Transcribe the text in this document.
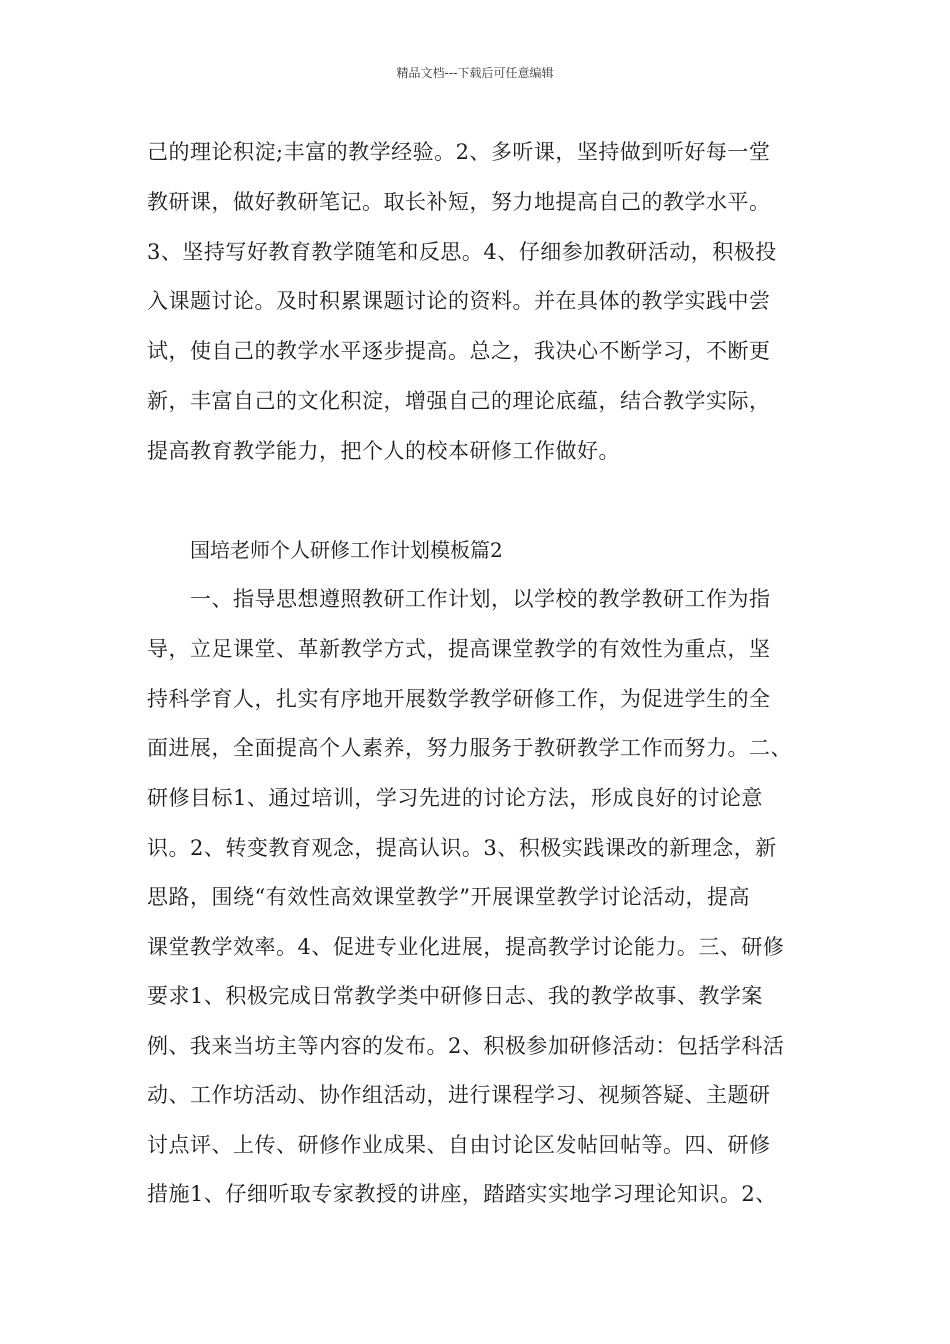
精品文档---下载后可任意编辑
己的理论积淀;丰富的教学经验。2、多听课，坚持做到听好每一堂
教研课，做好教研笔记。取长补短，努力地提高自己的教学水平。
3、坚持写好教育教学随笔和反思。4、仔细参加教研活动，积极投
入课题讨论。及时积累课题讨论的资料。并在具体的教学实践中尝
试，使自己的教学水平逐步提高。总之，我决心不断学习，不断更
新，丰富自己的文化积淀，增强自己的理论底蕴，结合教学实际，
提高教育教学能力，把个人的校本研修工作做好。
国培老师个人研修工作计划模板篇2
一、指导思想遵照教研工作计划，以学校的教学教研工作为指
导，立足课堂、革新教学方式，提高课堂教学的有效性为重点，坚
持科学育人，扎实有序地开展数学教学研修工作，为促进学生的全
面进展，全面提高个人素养，努力服务于教研教学工作而努力。二、
研修目标1、通过培训，学习先进的讨论方法，形成良好的讨论意
识。2、转变教育观念，提高认识。3、积极实践课改的新理念，新
思路，围绕“有效性高效课堂教学”开展课堂教学讨论活动，提高
课堂教学效率。4、促进专业化进展，提高教学讨论能力。三、研修
要求1、积极完成日常教学类中研修日志、我的教学故事、教学案
例、我来当坊主等内容的发布。2、积极参加研修活动：包括学科活
动、工作坊活动、协作组活动，进行课程学习、视频答疑、主题研
讨点评、上传、研修作业成果、自由讨论区发帖回帖等。四、研修
措施1、仔细听取专家教授的讲座，踏踏实实地学习理论知识。2、
